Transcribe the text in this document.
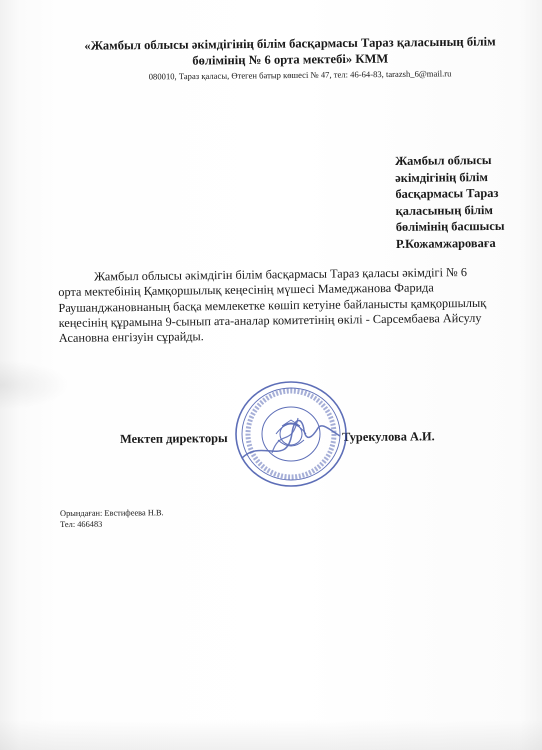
«Жамбыл облысы әкімдігінің білім басқармасы Тараз қаласының білім
бөлімінің № 6 орта мектебі» КММ
080010, Тараз қаласы, Өтеген батыр көшесі № 47, тел: 46-64-83, tarazsh_6@mail.ru
Жамбыл облысы
әкімдігінің білім
басқармасы Тараз
қаласының білім
бөлімінің басшысы
Р.Кожамжароваға
Жамбыл облысы әкімдігін білім басқармасы Тараз қаласы әкімдігі № 6
орта мектебінің Қамқоршылық кеңесінің мүшесі Мамеджанова Фарида
Раушанджановнаның басқа мемлекетке көшіп кетуіне байланысты қамқоршылық
кеңесінің құрамына 9-сынып ата-аналар комитетінің өкілі - Сарсембаева Айсулу
Асановна енгізуін сұрайды.
Мектеп директоры	Турекулова А.И.
Орындаған: Евстифеева Н.В.
Тел: 466483
